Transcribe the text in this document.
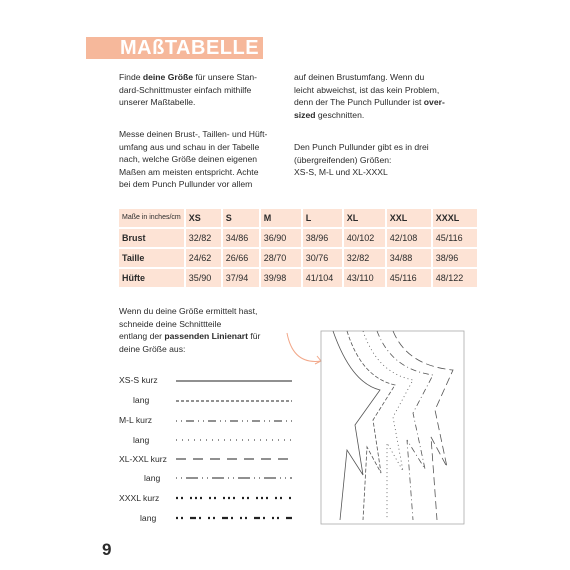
MAßTABELLE
Finde deine Größe für unsere Stan-
dard-Schnittmuster einfach mithilfe
unserer Maßtabelle.
Messe deinen Brust-, Taillen- und Hüft-
umfang aus und schau in der Tabelle
nach, welche Größe deinen eigenen
Maßen am meisten entspricht. Achte
bei dem Punch Pullunder vor allem
auf deinen Brustumfang. Wenn du
leicht abweichst, ist das kein Problem,
denn der The Punch Pullunder ist over-
sized geschnitten.
Den Punch Pullunder gibt es in drei
(übergreifenden) Größen:
XS-S, M-L und XL-XXXL
Maße in inches/cm	XS	S	M	L	XL	XXL	XXXL
Brust	32/82	34/86	36/90	38/96	40/102	42/108	45/116
Taille	24/62	26/66	28/70	30/76	32/82	34/88	38/96
Hüfte	35/90	37/94	39/98	41/104	43/110	45/116	48/122
Wenn du deine Größe ermittelt hast,
schneide deine Schnittteile
entlang der passenden Linienart für
deine Größe aus:
XS-S kurz
lang
M-L kurz
lang
XL-XXL kurz
lang
XXXL kurz
lang
9
